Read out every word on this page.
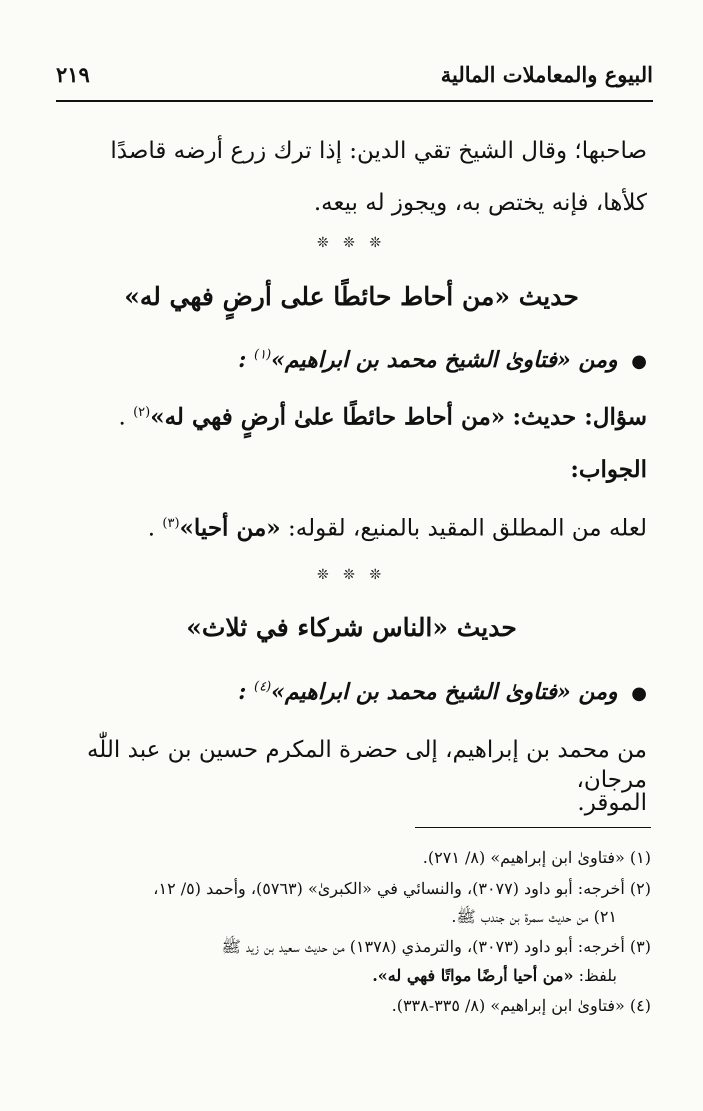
البيوع والمعاملات المالية
٢١٩
صاحبها؛ وقال الشيخ تقي الدين: إذا ترك زرع أرضه قاصدًا كلأها، فإنه يختص به، ويجوز له بيعه.
❊ ❊ ❊
حديث «من أحاط حائطًا على أرضٍ فهي له»
● ومن «فتاوىٰ الشيخ محمد بن ابراهيم»$^{(١)}$ :
سؤال: حديث: «من أحاط حائطًا علىٰ أرضٍ فهي له»$^{(٢)}$ .
الجواب:
لعله من المطلق المقيد بالمنيع، لقوله: «من أحيا»$^{(٣)}$ .
❊ ❊ ❊
حديث «الناس شركاء في ثلاث»
● ومن «فتاوىٰ الشيخ محمد بن ابراهيم»$^{(٤)}$ :
من محمد بن إبراهيم، إلى حضرة المكرم حسين بن عبد اللّٰه مرجان،
الموقر.
(١) «فتاوىٰ ابن إبراهيم» (٨/ ٢٧١).
(٢) أخرجه: أبو داود (٣٠٧٧)، والنسائي في «الكبرىٰ» (٥٧٦٣)، وأحمد (٥/ ١٢،
٢١) من حديث سمرة بن جندب ﷺ.
(٣) أخرجه: أبو داود (٣٠٧٣)، والترمذي (١٣٧٨) من حديث سعيد بن زيد ﷺ
بلفظ: «من أحيا أرضًا مواتًا فهي له».
(٤) «فتاوىٰ ابن إبراهيم» (٨/ ٣٣٥-٣٣٨).
